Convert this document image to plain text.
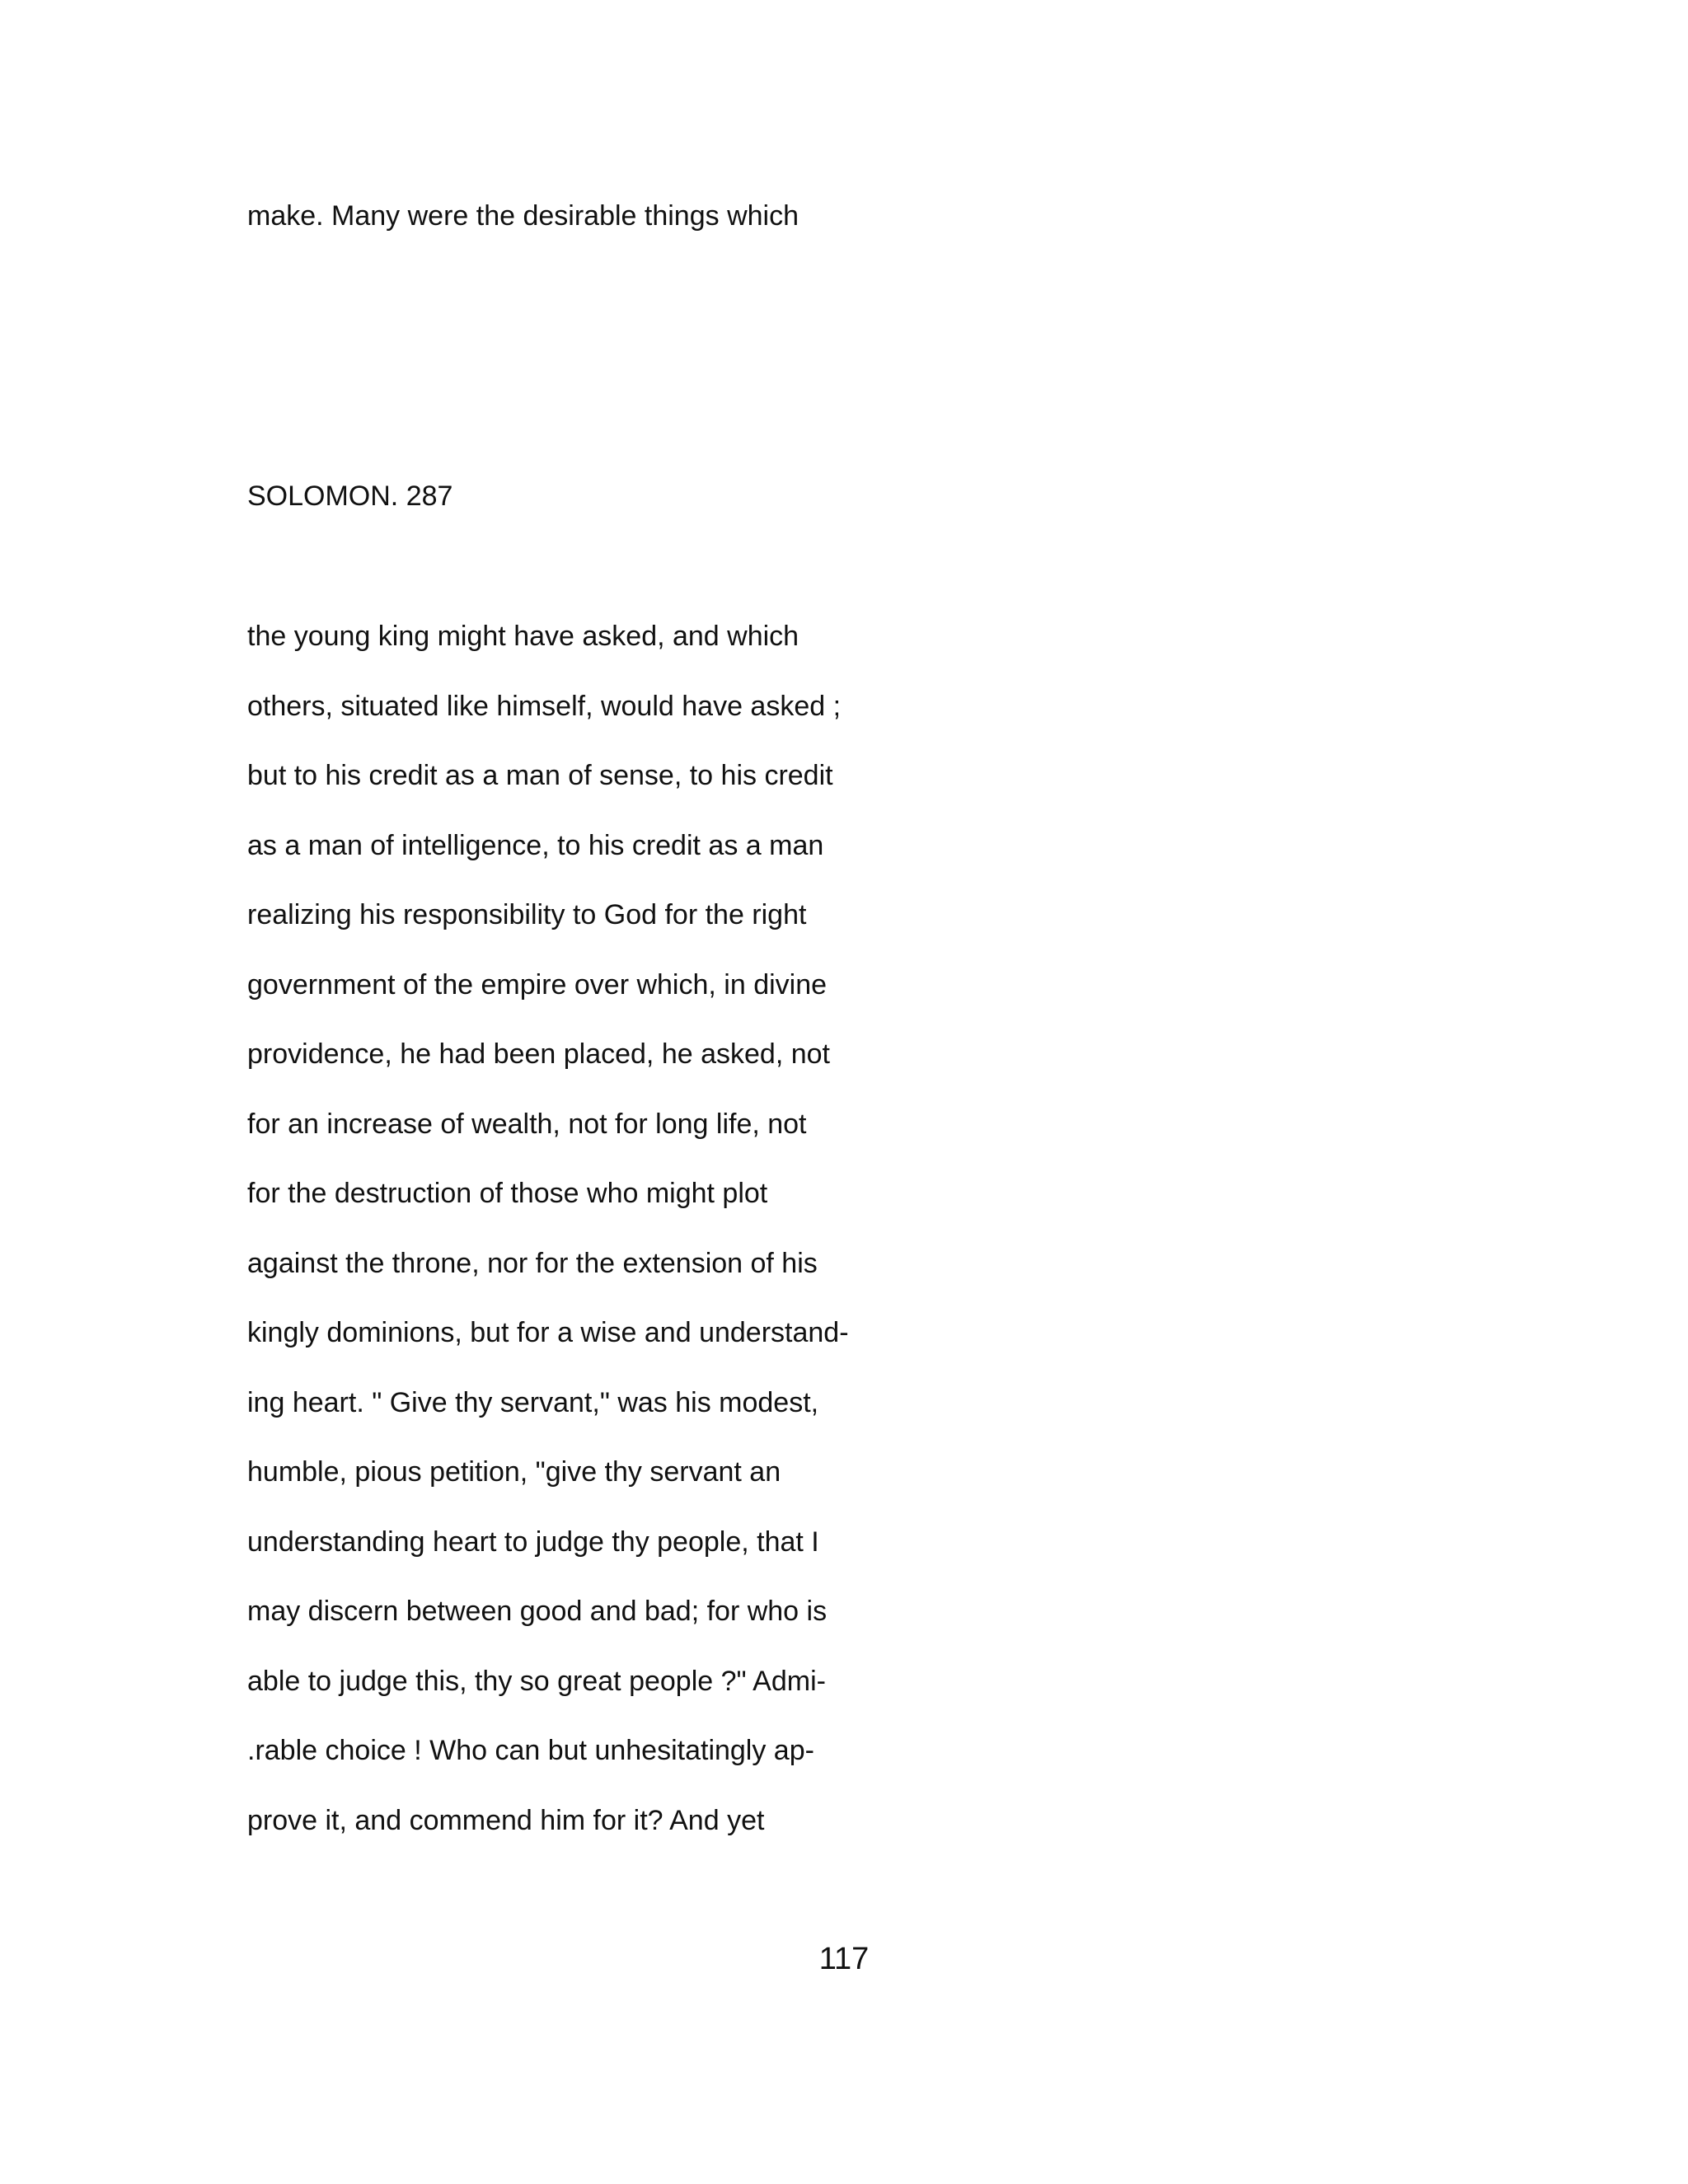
make. Many were the desirable things which
SOLOMON. 287
the young king might have asked, and which
others, situated like himself, would have asked ;
but to his credit as a man of sense, to his credit
as a man of intelligence, to his credit as a man
realizing his responsibility to God for the right
government of the empire over which, in divine
providence, he had been placed, he asked, not
for an increase of wealth, not for long life, not
for the destruction of those who might plot
against the throne, nor for the extension of his
kingly dominions, but for a wise and understand-
ing heart. " Give thy servant," was his modest,
humble, pious petition, "give thy servant an
understanding heart to judge thy people, that I
may discern between good and bad; for who is
able to judge this, thy so great people ?" Admi-
.rable choice ! Who can but unhesitatingly ap-
prove it, and commend him for it? And yet
117
